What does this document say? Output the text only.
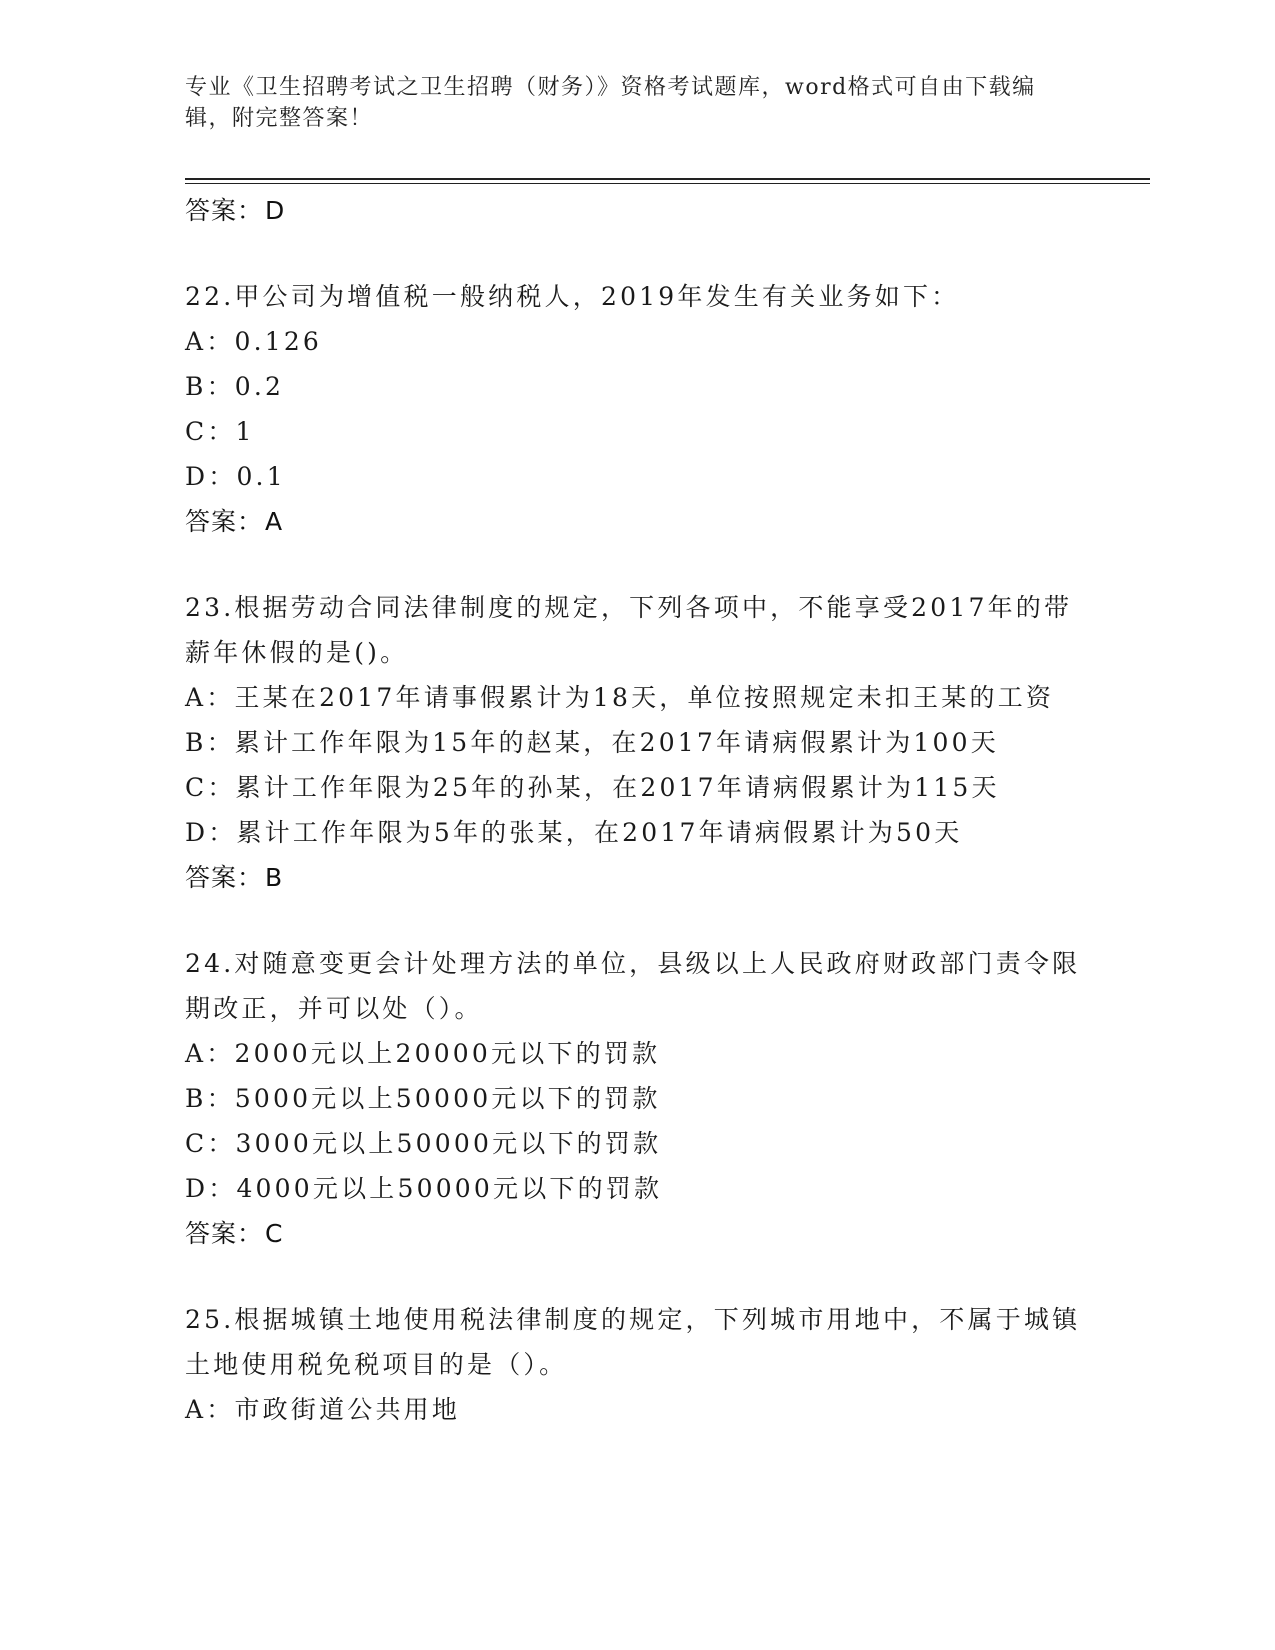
专业《卫生招聘考试之卫生招聘（财务）》资格考试题库，word格式可自由下载编辑，附完整答案！
答案：D
22.甲公司为增值税一般纳税人，2019年发生有关业务如下：
A：0.126
B：0.2
C：1
D：0.1
答案：A
23.根据劳动合同法律制度的规定，下列各项中，不能享受2017年的带薪年休假的是()。
A：王某在2017年请事假累计为18天，单位按照规定未扣王某的工资
B：累计工作年限为15年的赵某，在2017年请病假累计为100天
C：累计工作年限为25年的孙某，在2017年请病假累计为115天
D：累计工作年限为5年的张某，在2017年请病假累计为50天
答案：B
24.对随意变更会计处理方法的单位，县级以上人民政府财政部门责令限期改正，并可以处（）。
A：2000元以上20000元以下的罚款
B：5000元以上50000元以下的罚款
C：3000元以上50000元以下的罚款
D：4000元以上50000元以下的罚款
答案：C
25.根据城镇土地使用税法律制度的规定，下列城市用地中，不属于城镇土地使用税免税项目的是（）。
A：市政街道公共用地
